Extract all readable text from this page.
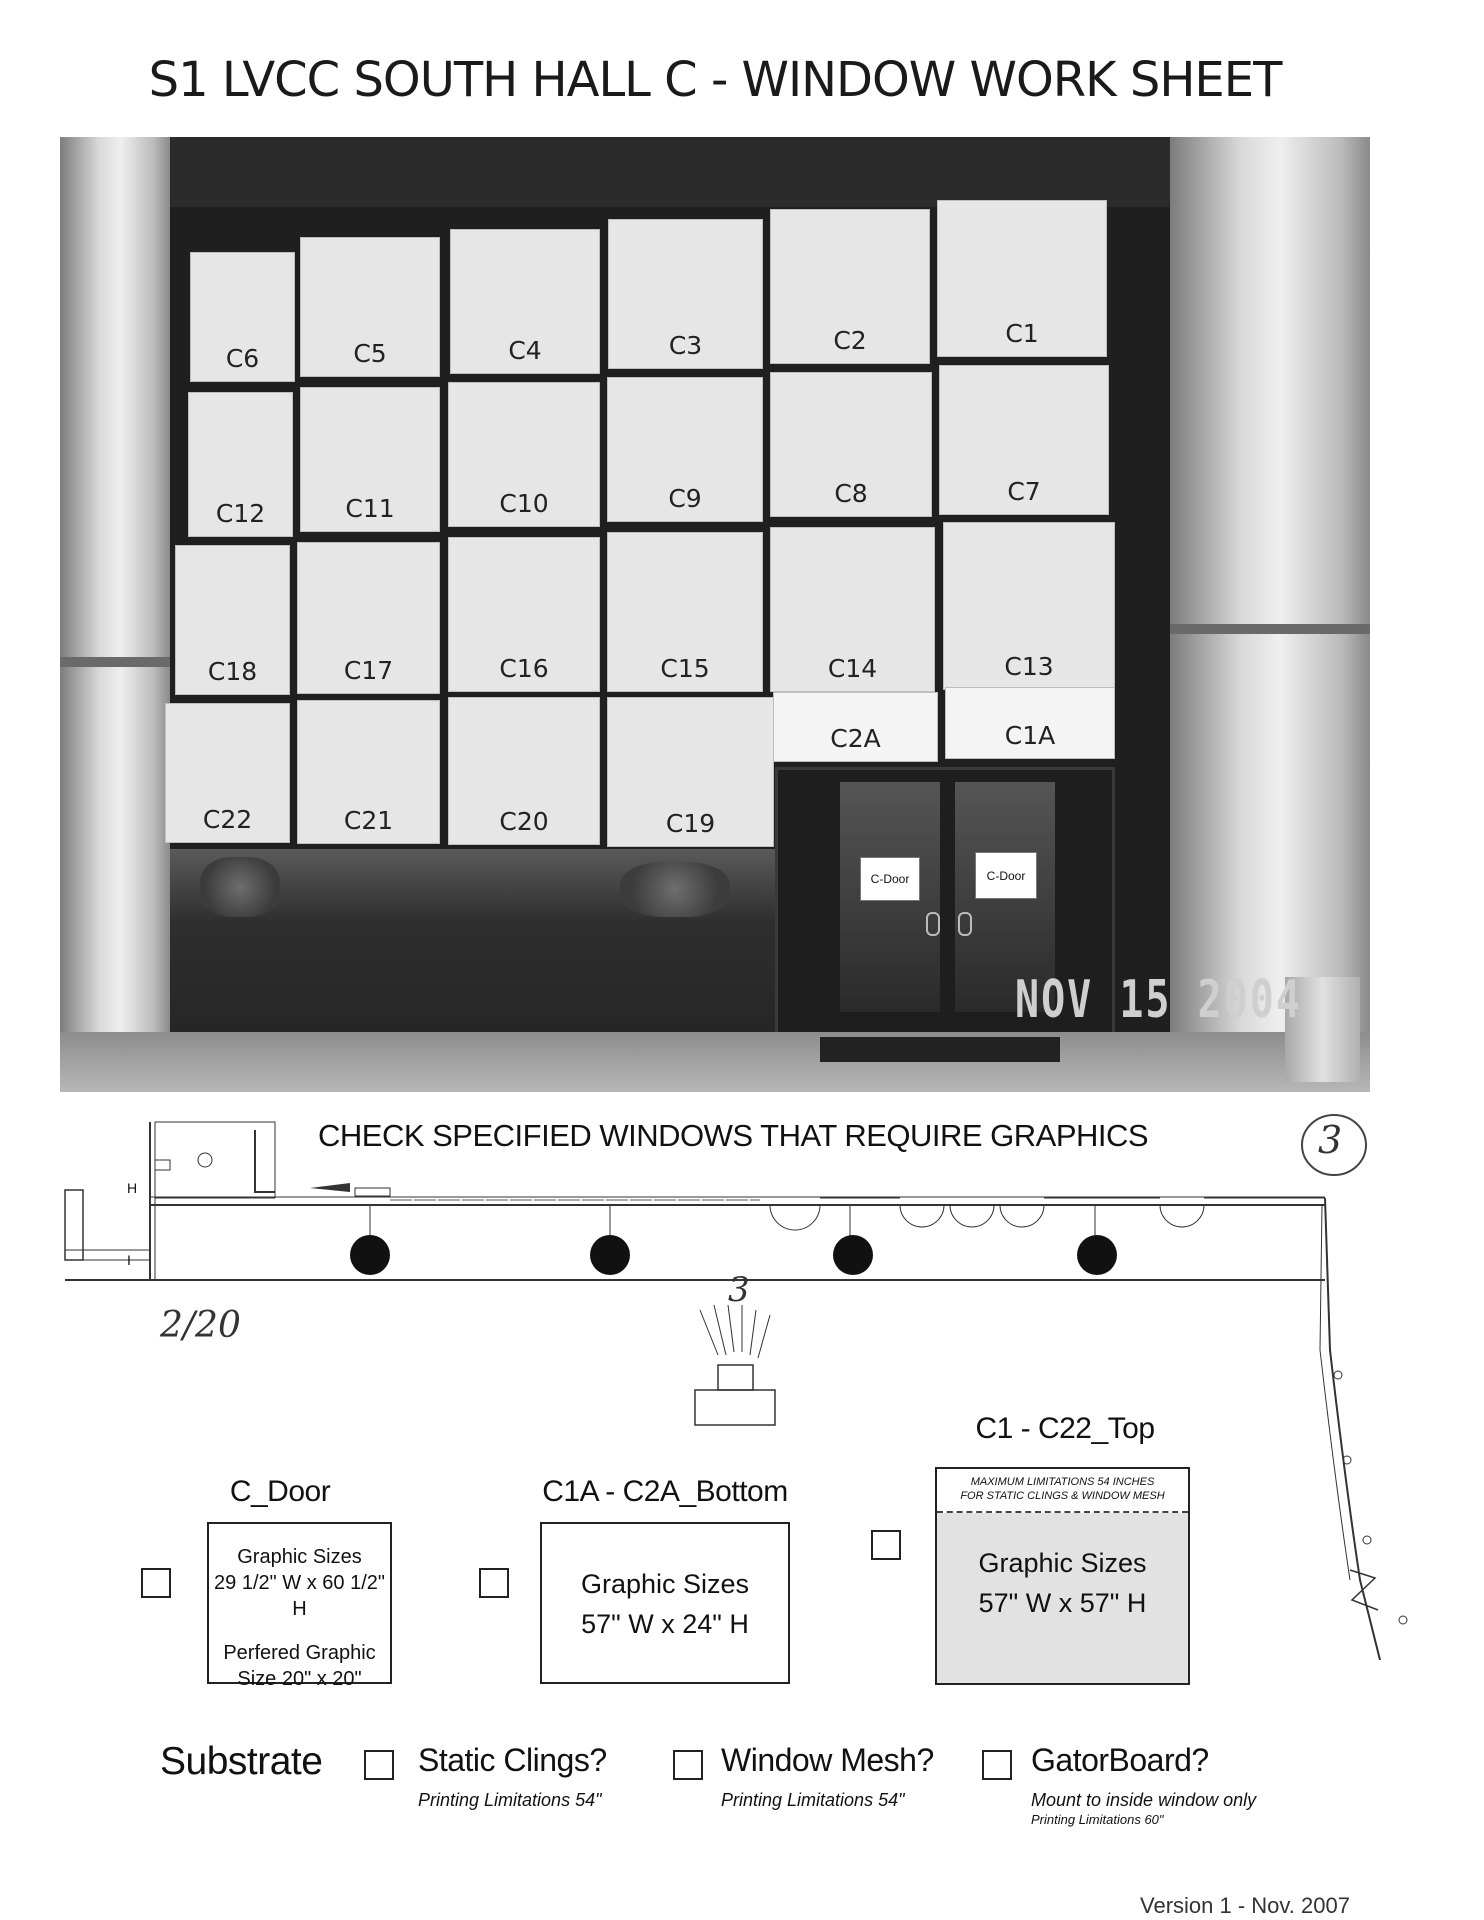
S1 LVCC SOUTH HALL C - WINDOW WORK SHEET
C6	C5	C4	C3	C2	C1
C12	C11	C10	C9	C8	C7
C18	C17	C16	C15	C14	C13
C22	C21	C20	C19
C2A	C1A
C-Door	C-Door
NOV 15 2004
CHECK SPECIFIED WINDOWS THAT REQUIRE GRAPHICS	3
3
2/20
H
I
C_Door
Graphic Sizes
29 1/2" W x 60 1/2" H
Perfered Graphic
Size 20" x 20"
C1A - C2A_Bottom
Graphic Sizes
57" W x 24" H
C1 - C22_Top
MAXIMUM LIMITATIONS 54 INCHES
FOR STATIC CLINGS & WINDOW MESH
Graphic Sizes
57" W x 57" H
Substrate	Static Clings?
Printing Limitations 54"
Window Mesh?
Printing Limitations 54"
GatorBoard?
Mount to inside window only
Printing Limitations 60"
Version 1 - Nov. 2007
